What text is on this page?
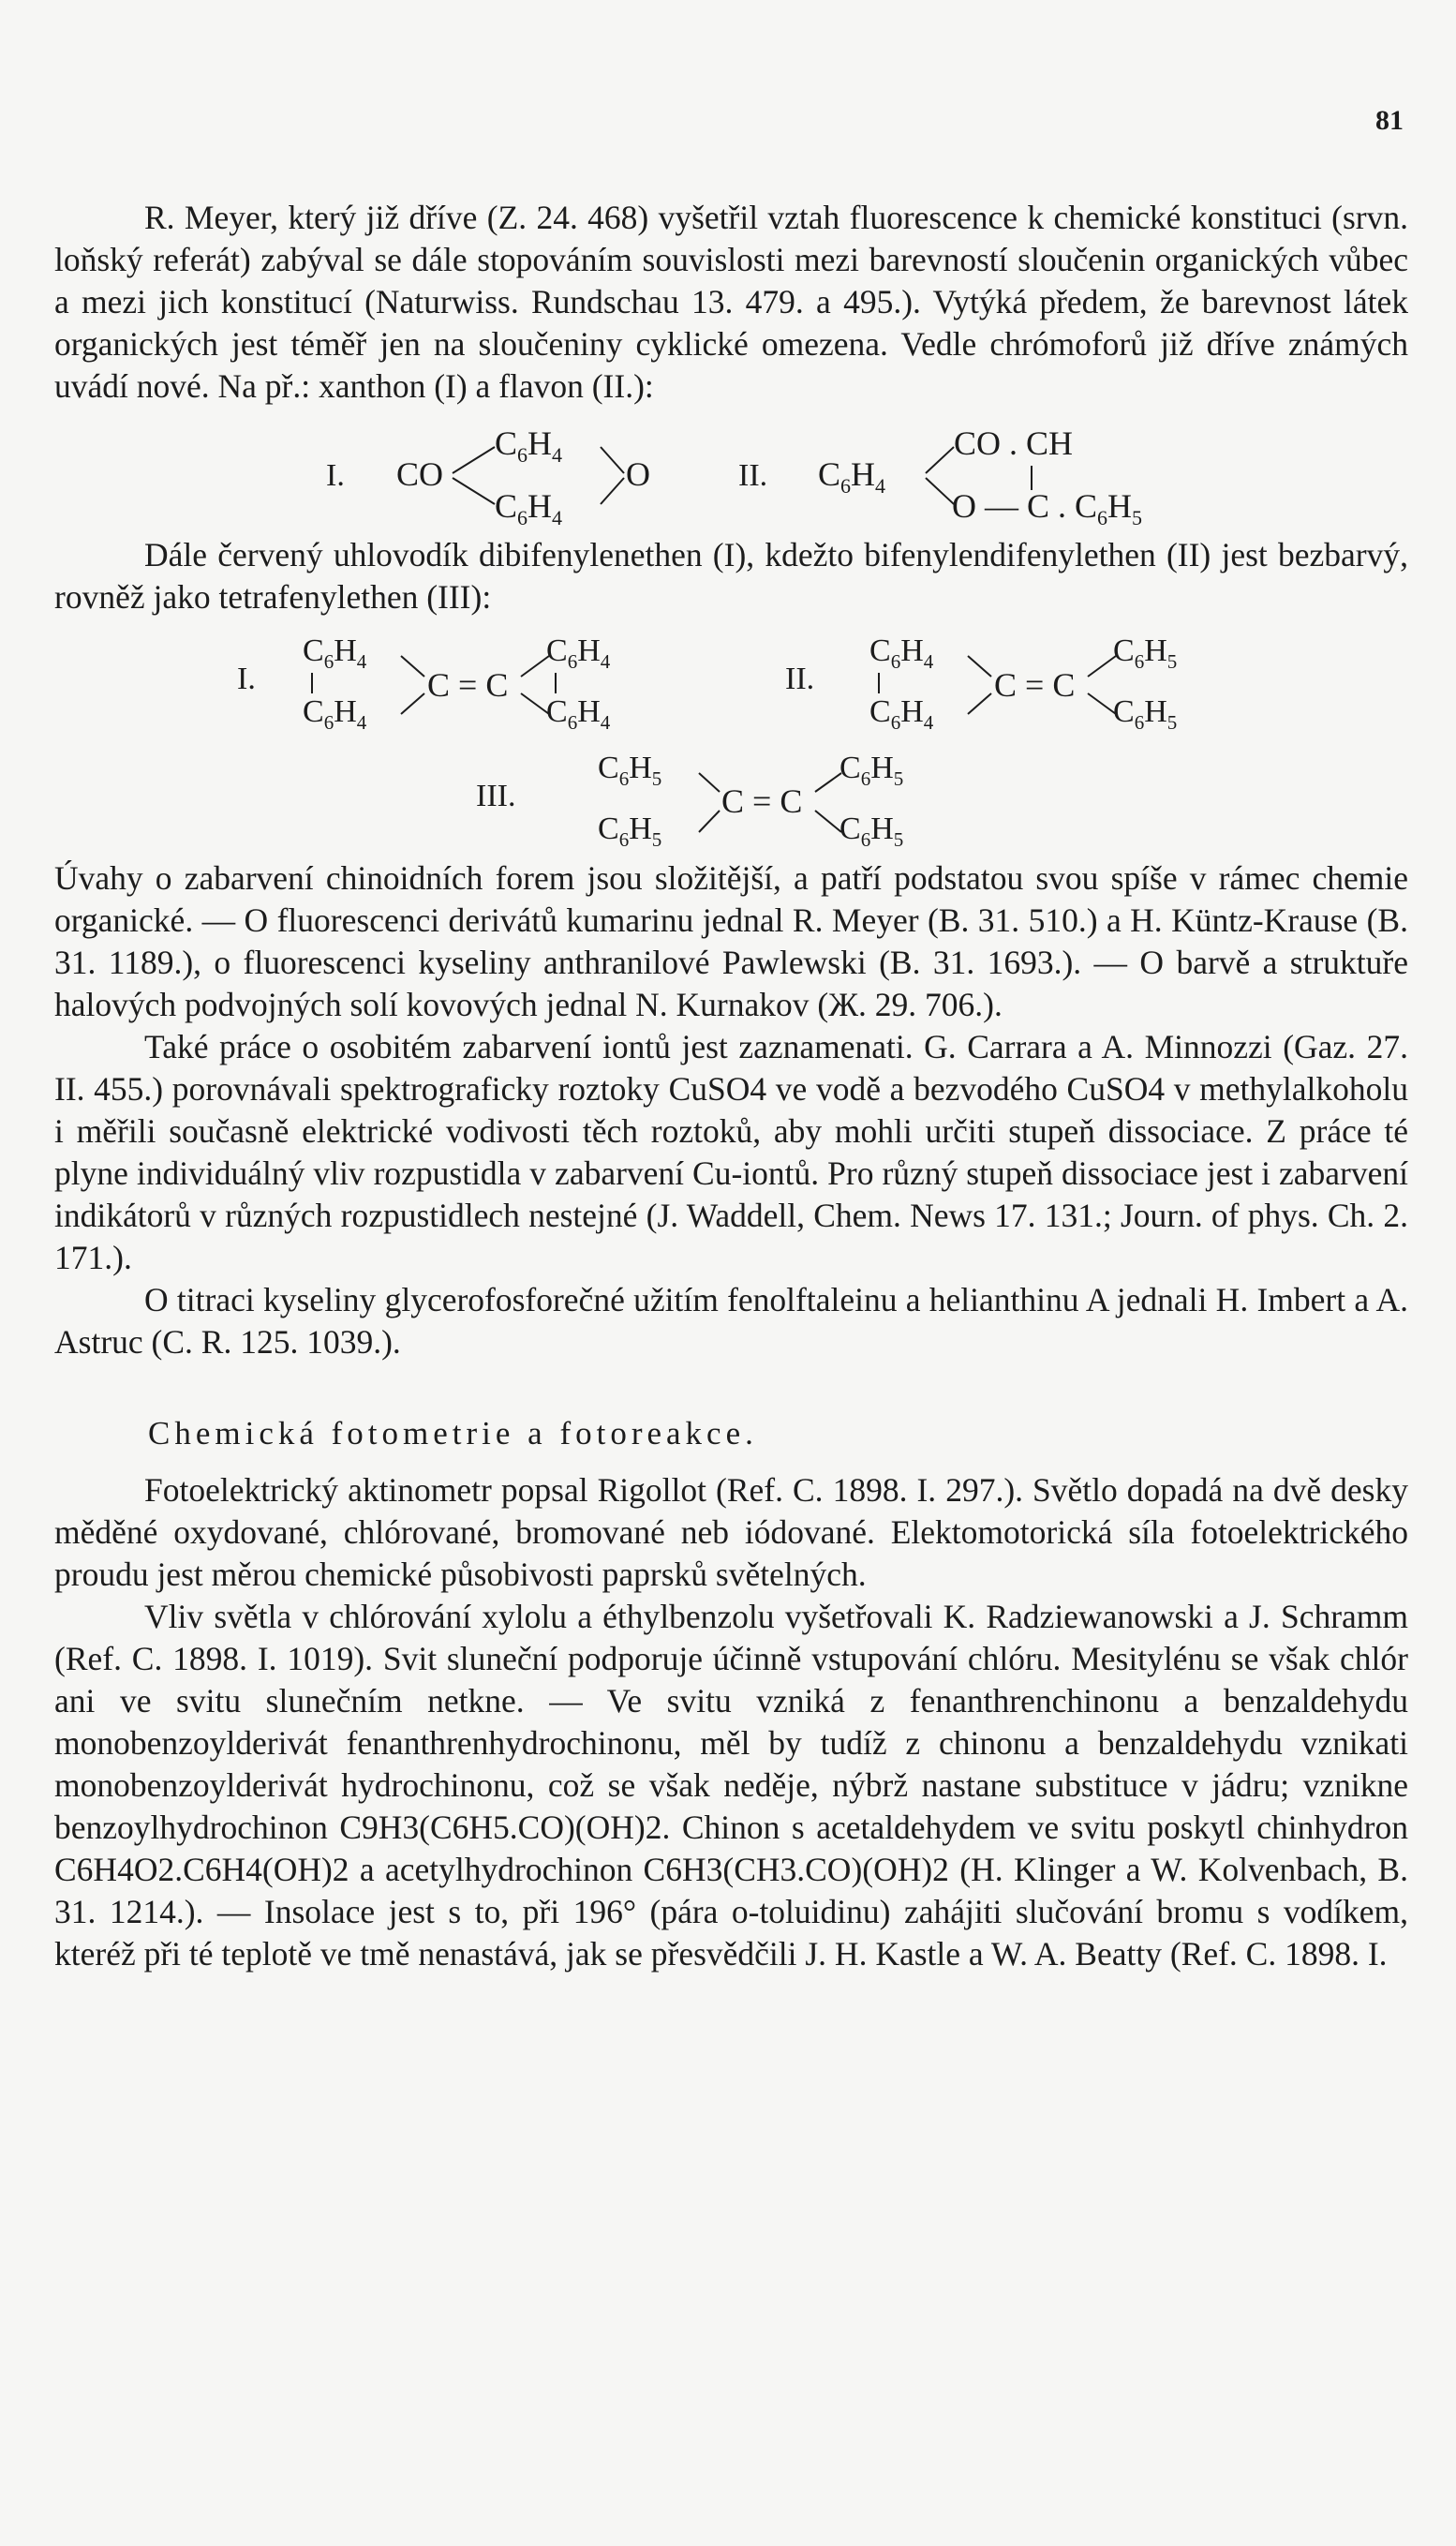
81

R. Meyer, který již dříve (Z. 24. 468) vyšetřil vztah fluorescence k chemické konstituci (srvn. loňský referát) zabýval se dále stopováním souvislosti mezi barevností sloučenin organických vůbec a mezi jich konstitucí (Naturwiss. Rundschau 13. 479. a 495.). Vytýká předem, že barevnost látek organických jest téměř jen na sloučeniny cyklické omezena. Vedle chrómoforů již dříve známých uvádí nové. Na př.: xanthon (I) a flavon (II.):

I. CO
$C_6H_4$
$C_6H_4$
O	II. $C_6H_4$
CO . CH
O — C . $C_6H_5$

Dále červený uhlovodík dibifenylenethen (I), kdežto bifenylendifenylethen (II) jest bezbarvý, rovněž jako tetrafenylethen (III):

I.
$C_6H_4$
$C_6H_4$
C = C
$C_6H_4$
$C_6H_4$
II.
$C_6H_4$
$C_6H_4$
C = C
$C_6H_5$
$C_6H_5$
III.
$C_6H_5$
$C_6H_5$
C = C
$C_6H_5$
$C_6H_5$

Úvahy o zabarvení chinoidních forem jsou složitější, a patří podstatou svou spíše v rámec chemie organické. — O fluorescenci derivátů kumarinu jednal R. Meyer (B. 31. 510.) a H. Küntz-Krause (B. 31. 1189.), o fluorescenci kyseliny anthranilové Pawlewski (B. 31. 1693.). — O barvě a struktuře halových podvojných solí kovových jednal N. Kurnakov (Ж. 29. 706.).

Také práce o osobitém zabarvení iontů jest zaznamenati. G. Carrara a A. Minnozzi (Gaz. 27. II. 455.) porovnávali spektrograficky roztoky CuSO4 ve vodě a bezvodého CuSO4 v methylalkoholu i měřili současně elektrické vodivosti těch roztoků, aby mohli určiti stupeň dissociace. Z práce té plyne individuálný vliv rozpustidla v zabarvení Cu-iontů. Pro různý stupeň dissociace jest i zabarvení indikátorů v různých rozpustidlech nestejné (J. Waddell, Chem. News 17. 131.; Journ. of phys. Ch. 2. 171.).

O titraci kyseliny glycerofosforečné užitím fenolftaleinu a helianthinu A jednali H. Imbert a A. Astruc (C. R. 125. 1039.).

Chemická fotometrie a fotoreakce.

Fotoelektrický aktinometr popsal Rigollot (Ref. C. 1898. I. 297.). Světlo dopadá na dvě desky měděné oxydované, chlórované, bromované neb iódované. Elektomotorická síla fotoelektrického proudu jest měrou chemické působivosti paprsků světelných.

Vliv světla v chlórování xylolu a éthylbenzolu vyšetřovali K. Radziewanowski a J. Schramm (Ref. C. 1898. I. 1019). Svit sluneční podporuje účinně vstupování chlóru. Mesitylénu se však chlór ani ve svitu slunečním netkne. — Ve svitu vzniká z fenanthrenchinonu a benzaldehydu monobenzoylderivát fenanthrenhydrochinonu, měl by tudíž z chinonu a benzaldehydu vznikati monobenzoylderivát hydrochinonu, což se však neděje, nýbrž nastane substituce v jádru; vznikne benzoylhydrochinon C9H3(C6H5.CO)(OH)2. Chinon s acetaldehydem ve svitu poskytl chinhydron C6H4O2.C6H4(OH)2 a acetylhydrochinon C6H3(CH3.CO)(OH)2 (H. Klinger a W. Kolvenbach, B. 31. 1214.). — Insolace jest s to, při 196° (pára o-toluidinu) zahájiti slučování bromu s vodíkem, kteréž při té teplotě ve tmě nenastává, jak se přesvědčili J. H. Kastle a W. A. Beatty (Ref. C. 1898. I.
